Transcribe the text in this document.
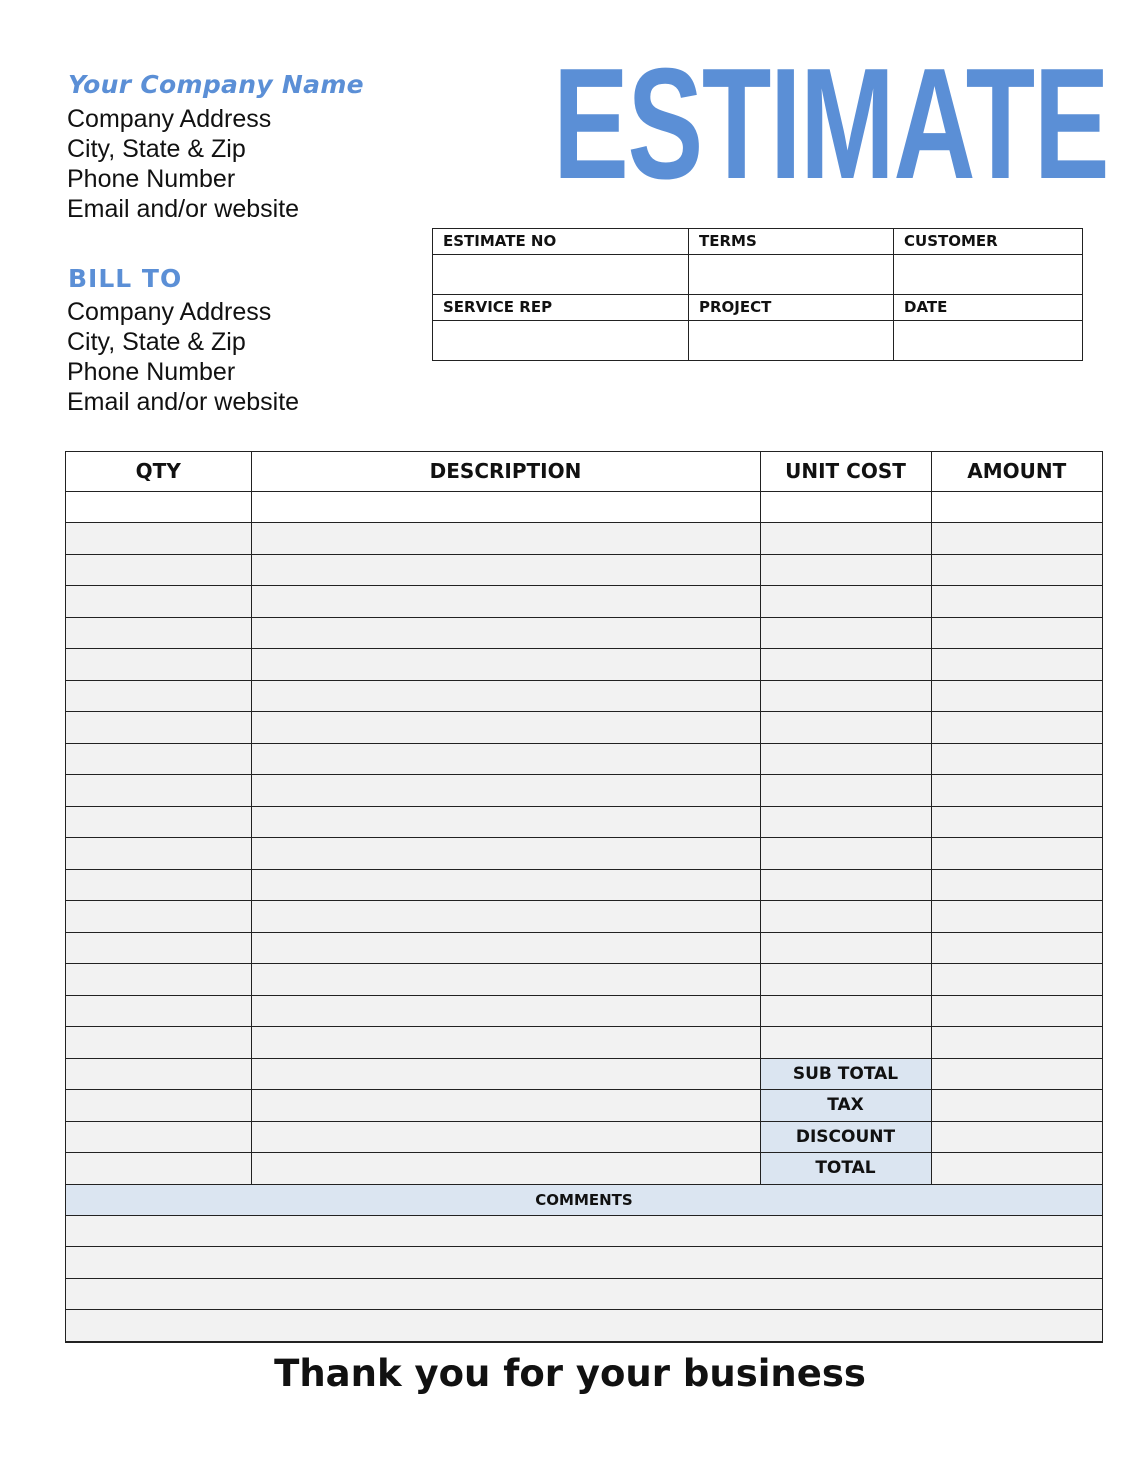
Your Company Name
Company Address
City, State & Zip
Phone Number
Email and/or website
BILL TO
Company Address
City, State & Zip
Phone Number
Email and/or website
ESTIMATE
ESTIMATE NO	TERMS	CUSTOMER
SERVICE REP	PROJECT	DATE
QTY	DESCRIPTION	UNIT COST	AMOUNT

		SUB TOTAL	
		TAX	
		DISCOUNT	
		TOTAL	
COMMENTS			

Thank you for your business
